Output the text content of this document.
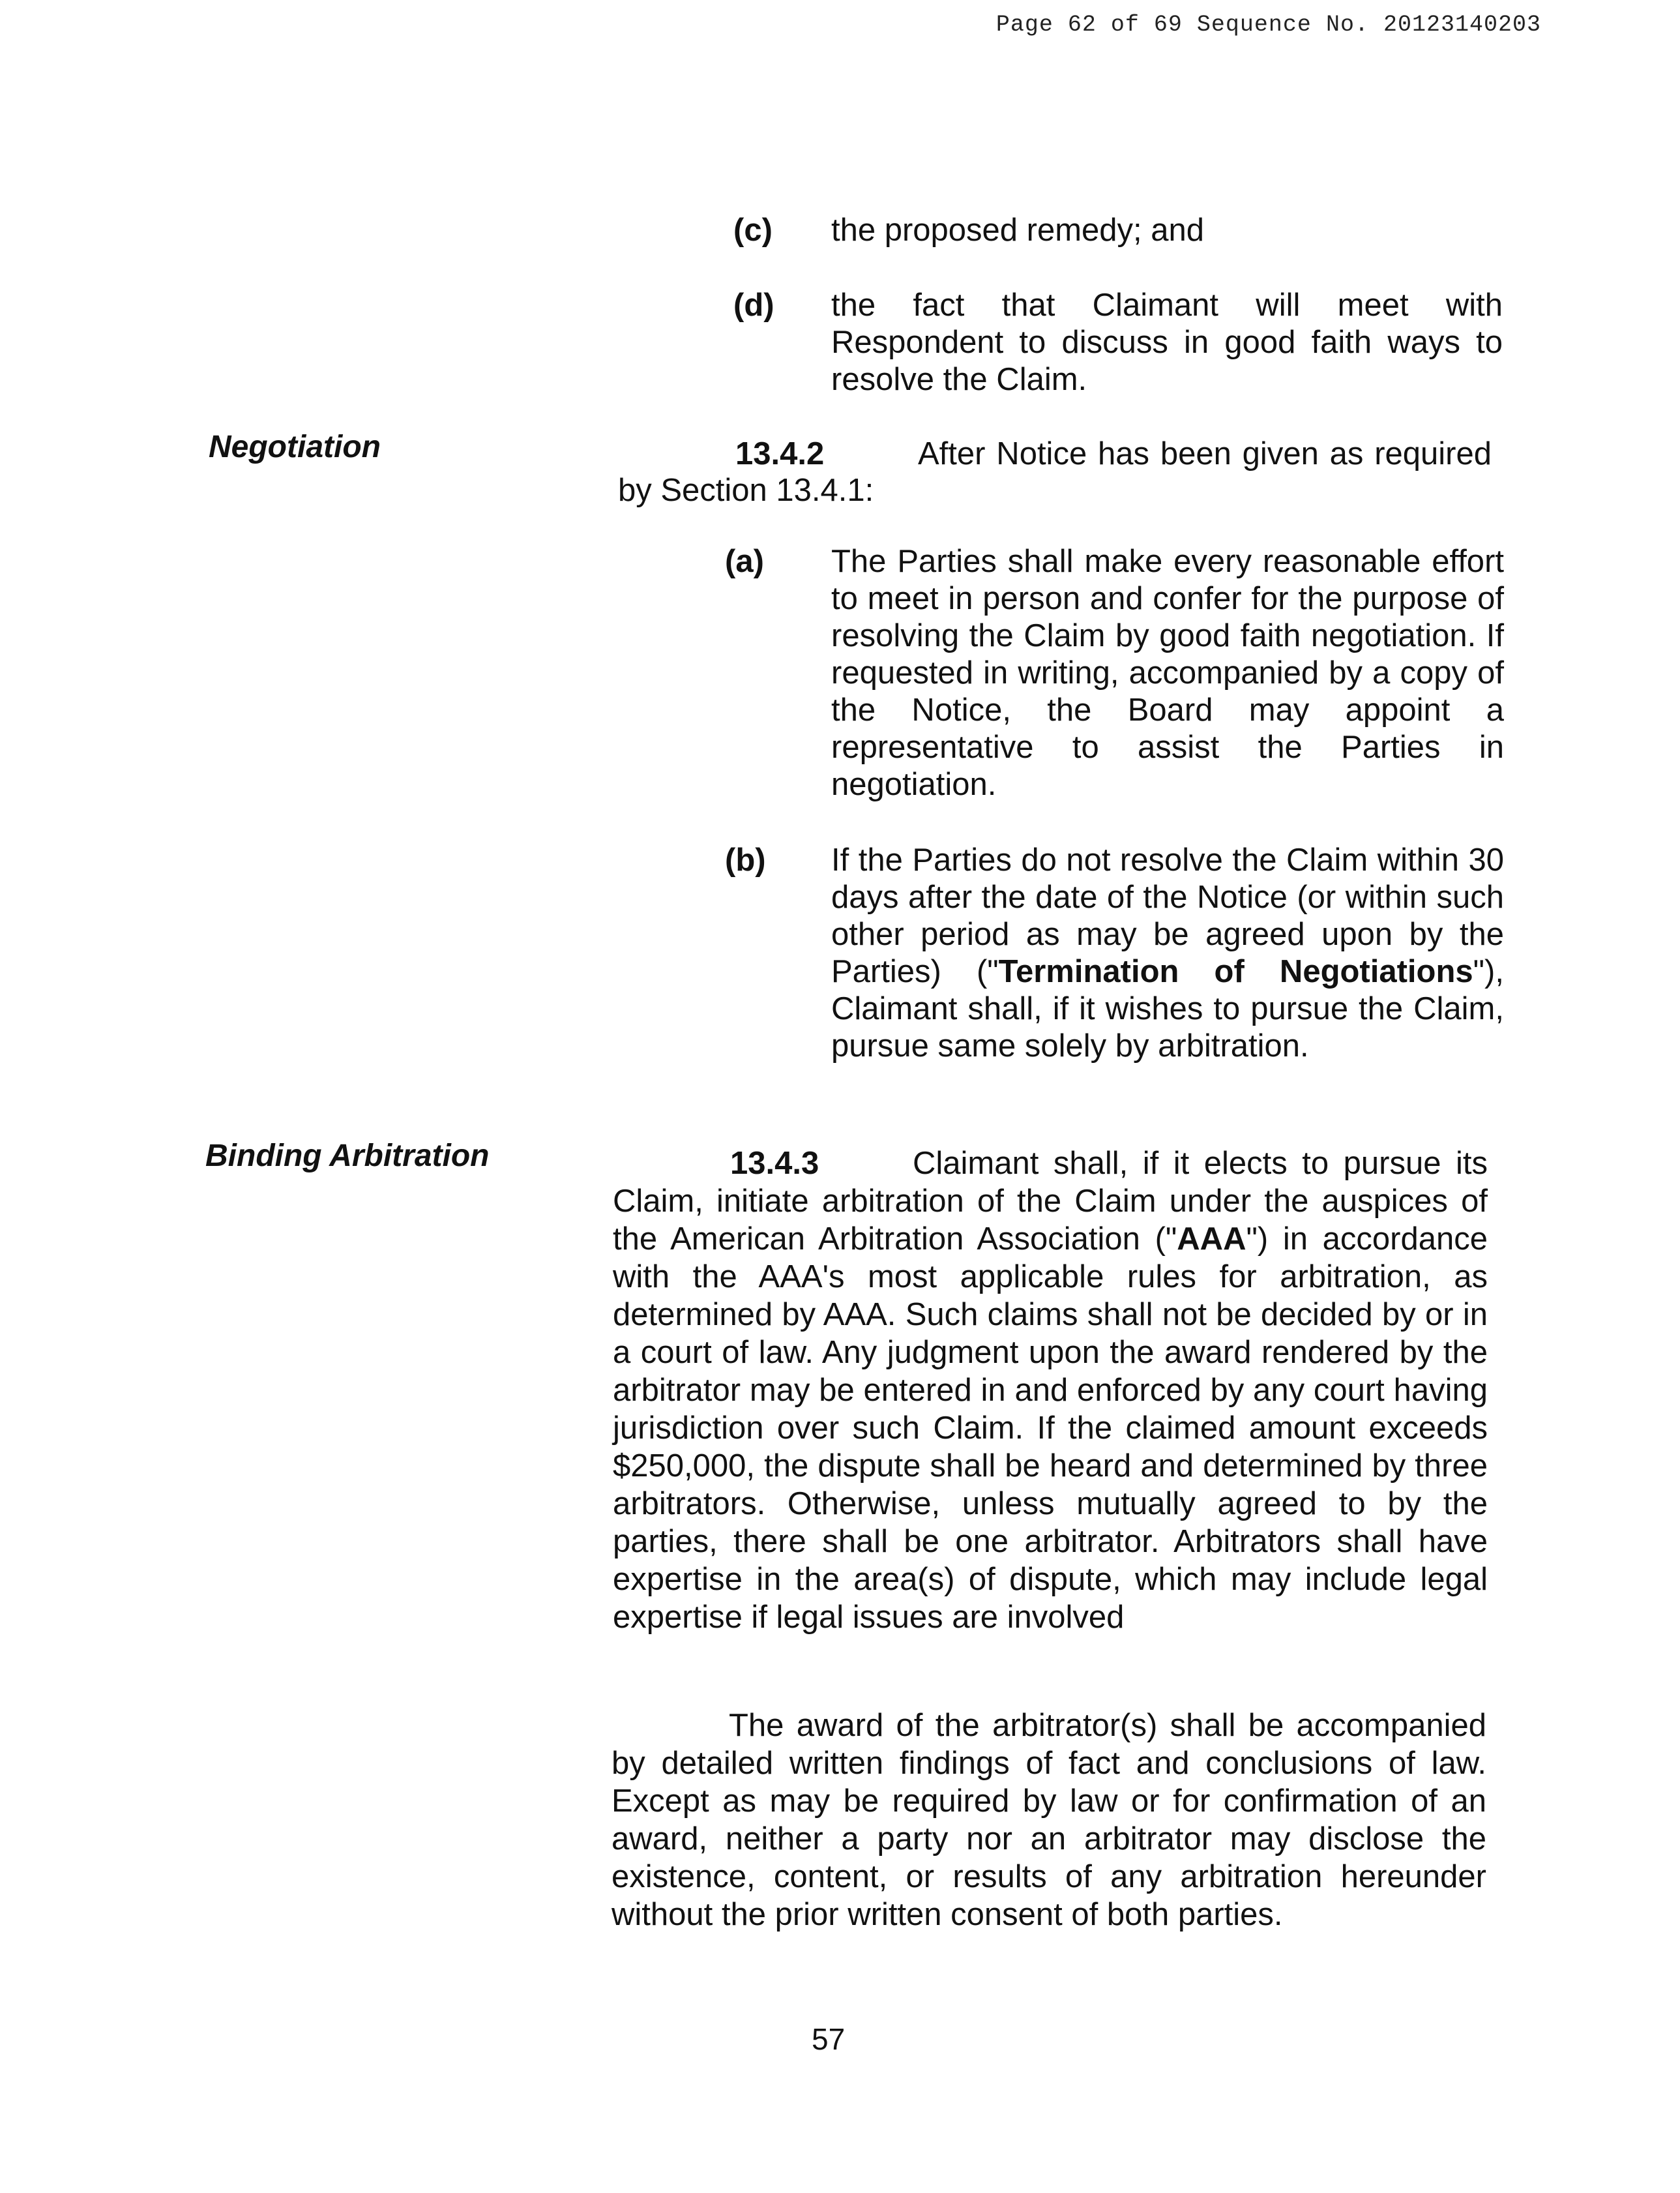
Page 62 of 69 Sequence No. 20123140203
(c) the proposed remedy; and
(d) the fact that Claimant will meet with Respondent to discuss in good faith ways to resolve the Claim.
Negotiation	13.4.2	After Notice has been given as required by Section 13.4.1:
(a) The Parties shall make every reasonable effort to meet in person and confer for the purpose of resolving the Claim by good faith negotiation. If requested in writing, accompanied by a copy of the Notice, the Board may appoint a representative to assist the Parties in negotiation.
(b) If the Parties do not resolve the Claim within 30 days after the date of the Notice (or within such other period as may be agreed upon by the Parties) ("Termination of Negotiations"), Claimant shall, if it wishes to pursue the Claim, pursue same solely by arbitration.
Binding Arbitration	13.4.3	Claimant shall, if it elects to pursue its Claim, initiate arbitration of the Claim under the auspices of the American Arbitration Association ("AAA") in accordance with the AAA's most applicable rules for arbitration, as determined by AAA. Such claims shall not be decided by or in a court of law. Any judgment upon the award rendered by the arbitrator may be entered in and enforced by any court having jurisdiction over such Claim. If the claimed amount exceeds $250,000, the dispute shall be heard and determined by three arbitrators. Otherwise, unless mutually agreed to by the parties, there shall be one arbitrator. Arbitrators shall have expertise in the area(s) of dispute, which may include legal expertise if legal issues are involved
The award of the arbitrator(s) shall be accompanied by detailed written findings of fact and conclusions of law. Except as may be required by law or for confirmation of an award, neither a party nor an arbitrator may disclose the existence, content, or results of any arbitration hereunder without the prior written consent of both parties.
57
